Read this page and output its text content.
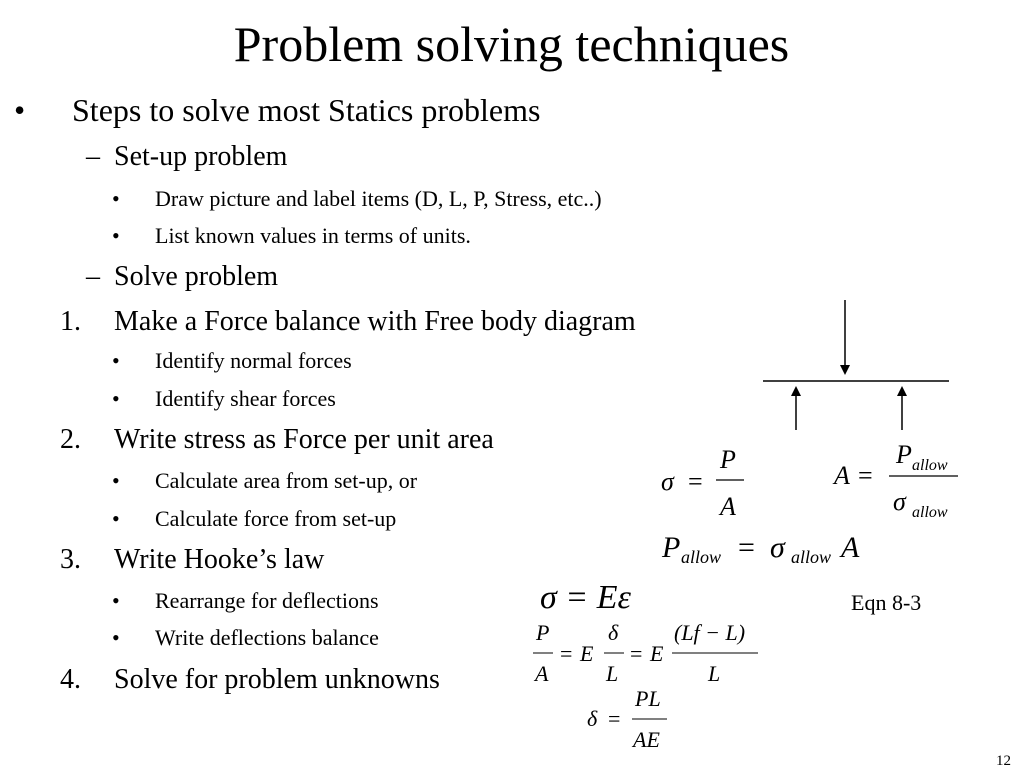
Problem solving techniques
• Steps to solve most Statics problems
– Set-up problem
• Draw picture and label items (D, L, P, Stress, etc..)
• List known values in terms of units.
– Solve problem
1. Make a Force balance with Free body diagram
• Identify normal forces
• Identify shear forces
2. Write stress as Force per unit area
• Calculate area from set-up, or
• Calculate force from set-up
3. Write Hooke’s law
• Rearrange for deflections
• Write deflections balance
4. Solve for problem unknowns
σ =
P
A
A =
P allow
σ allow
P allow = σ allow A
σ = Eε
P
A
= E
δ
L
= E
(Lf − L)
L
δ =
PL
AE
Eqn 8-3
12
